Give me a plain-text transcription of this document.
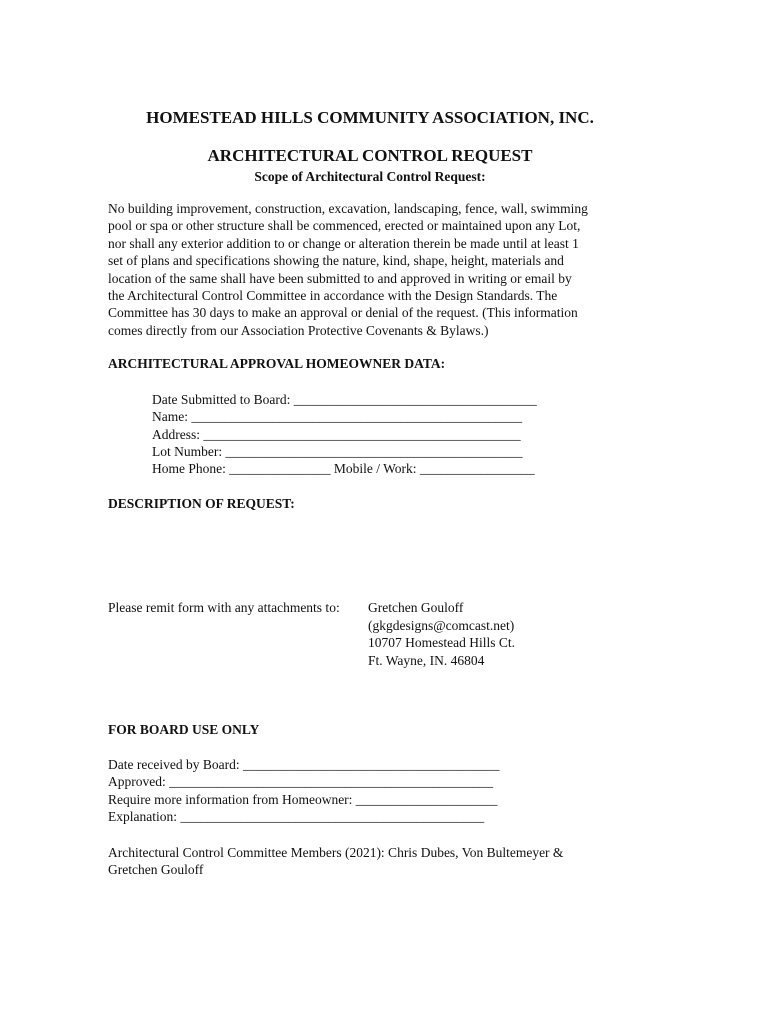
HOMESTEAD HILLS COMMUNITY ASSOCIATION, INC.
ARCHITECTURAL CONTROL REQUEST
Scope of Architectural Control Request:
No building improvement, construction, excavation, landscaping, fence, wall, swimming
pool or spa or other structure shall be commenced, erected or maintained upon any Lot,
nor shall any exterior addition to or change or alteration therein be made until at least 1
set of plans and specifications showing the nature, kind, shape, height, materials and
location of the same shall have been submitted to and approved in writing or email by
the Architectural Control Committee in accordance with the Design Standards. The
Committee has 30 days to make an approval or denial of the request. (This information
comes directly from our Association Protective Covenants & Bylaws.)
ARCHITECTURAL APPROVAL HOMEOWNER DATA:
Date Submitted to Board: ____________________________________
Name: _________________________________________________
Address: _______________________________________________
Lot Number: ____________________________________________
Home Phone: _______________ Mobile / Work: _________________
DESCRIPTION OF REQUEST:
Please remit form with any attachments to: Gretchen Gouloff
(gkgdesigns@comcast.net)
10707 Homestead Hills Ct.
Ft. Wayne, IN. 46804
FOR BOARD USE ONLY
Date received by Board: ______________________________________
Approved: ________________________________________________
Require more information from Homeowner: _____________________
Explanation: _____________________________________________
Architectural Control Committee Members (2021): Chris Dubes, Von Bultemeyer &
Gretchen Gouloff
